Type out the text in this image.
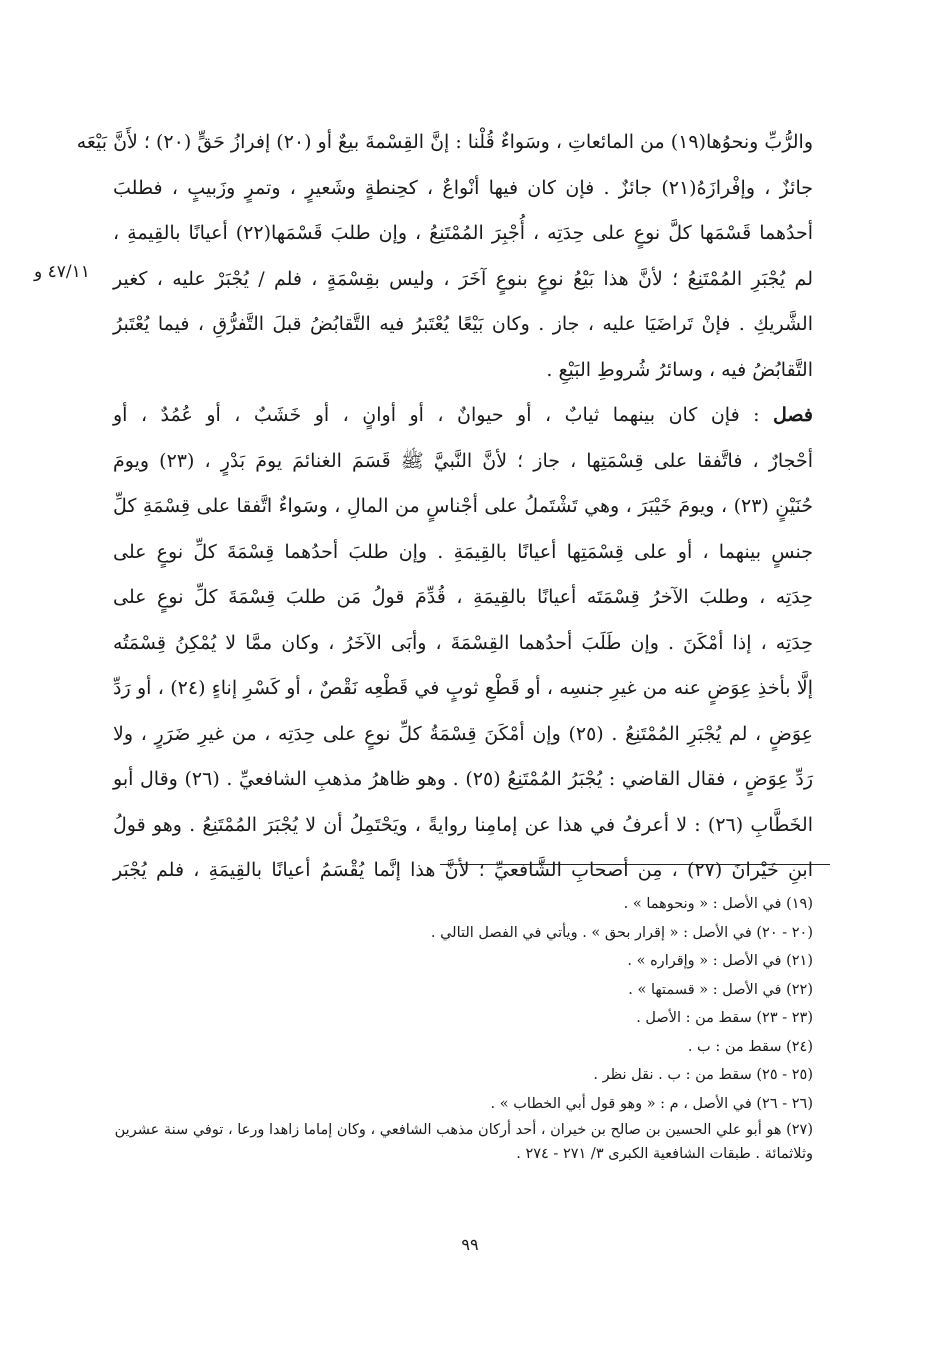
٤٧/١١ و
والرُّبِّ ونحوُها(١٩) من المائعاتِ ، وسَواءٌ قُلْنا : إنَّ القِسْمةَ بيعٌ أو (٢٠) إفرازُ حَقٍّ (٢٠) ؛ لأَنَّ بَيْعَه
جائزٌ ، وإفْرازَهُ(٢١) جائزٌ . فإن كان فيها أنْواعٌ ، كحِنطةٍ وشَعيرٍ ، وتمرٍ وزَبيبٍ ، فطلبَ
أحدُهما قَسْمَها كلَّ نوعٍ على حِدَتِه ، أُجْبِرَ المُمْتَنِعُ ، وإن طلبَ قَسْمَها(٢٢) أعيانًا بالقِيمةِ ،
لم يُجْبَرِ المُمْتَنِعُ ؛ لأنَّ هذا بَيْعُ نوعٍ بنوعٍ آخَرَ ، وليس بقِسْمَةٍ ، فلم / يُجْبَرْ عليه ، كغير
الشَّريكِ . فإنْ تَراضَيَا عليه ، جاز . وكان بَيْعًا يُعْتَبرُ فيه التَّقابُضُ قبلَ التَّفرُّقِ ، فيما يُعْتَبرُ
التَّقابُضُ فيه ، وسائرُ شُروطِ البَيْعِ .
فصل : فإن كان بينهما ثيابٌ ، أو حيوانٌ ، أو أوانٍ ، أو خَشَبٌ ، أو عُمُدٌ ، أو
أحْجارٌ ، فاتَّفقا على قِسْمَتِها ، جاز ؛ لأنَّ النَّبيَّ ﷺ قَسَمَ الغنائمَ يومَ بَدْرٍ ، (٢٣) ويومَ
حُنَيْنٍ (٢٣) ، ويومَ خَيْبَرَ ، وهي تَشْتَملُ على أجْناسٍ من المالِ ، وسَواءٌ اتَّفقا على قِسْمَةِ كلِّ
جنسٍ بينهما ، أو على قِسْمَتِها أعيانًا بالقِيمَةِ . وإن طلبَ أحدُهما قِسْمَةَ كلِّ نوعٍ على
حِدَتِه ، وطلبَ الآخرُ قِسْمَتَه أعيانًا بالقِيمَةِ ، قُدِّمَ قولُ مَن طلبَ قِسْمَةَ كلِّ نوعٍ على
حِدَتِه ، إذا أمْكَنَ . وإن طَلَبَ أحدُهما القِسْمَةَ ، وأبَى الآخَرُ ، وكان ممَّا لا يُمْكِنُ قِسْمَتُه
إلَّا بأخذِ عِوَضٍ عنه من غيرِ جنسِه ، أو قَطْعِ ثوبٍ في قَطْعِه نَقْصٌ ، أو كَسْرِ إناءٍ (٢٤) ، أو رَدِّ
عِوَضٍ ، لم يُجْبَرِ المُمْتَنِعُ . (٢٥) وإن أمْكَنَ قِسْمَةُ كلِّ نوعٍ على حِدَتِه ، من غيرِ ضَرَرٍ ، ولا
رَدِّ عِوَضٍ ، فقال القاضي : يُجْبَرُ المُمْتَنِعُ (٢٥) . وهو ظاهرُ مذهبِ الشافعيِّ . (٢٦) وقال أبو
الخَطَّابِ (٢٦) : لا أعرفُ في هذا عن إمامِنا روايةً ، ويَحْتَمِلُ أن لا يُجْبَرَ المُمْتَنِعُ . وهو قولُ
ابنِ خَيْرانَ (٢٧) ، مِن أصحابِ الشَّافعيِّ ؛ لأنَّ هذا إنَّما يُقْسَمُ أعيانًا بالقِيمَةِ ، فلم يُجْبَر
(١٩) في الأصل : « ونحوهما » .
(٢٠ - ٢٠) في الأصل : « إقرار بحق » . ويأتي في الفصل التالي .
(٢١) في الأصل : « وإقراره » .
(٢٢) في الأصل : « قسمتها » .
(٢٣ - ٢٣) سقط من : الأصل .
(٢٤) سقط من : ب .
(٢٥ - ٢٥) سقط من : ب . نقل نظر .
(٢٦ - ٢٦) في الأصل ، م : « وهو قول أبي الخطاب » .
(٢٧) هو أبو علي الحسين بن صالح بن خيران ، أحد أركان مذهب الشافعي ، وكان إماما زاهدا ورعا ، توفي سنة عشرين
وثلاثمائة . طبقات الشافعية الكبرى ٣/ ٢٧١ - ٢٧٤ .
٩٩
